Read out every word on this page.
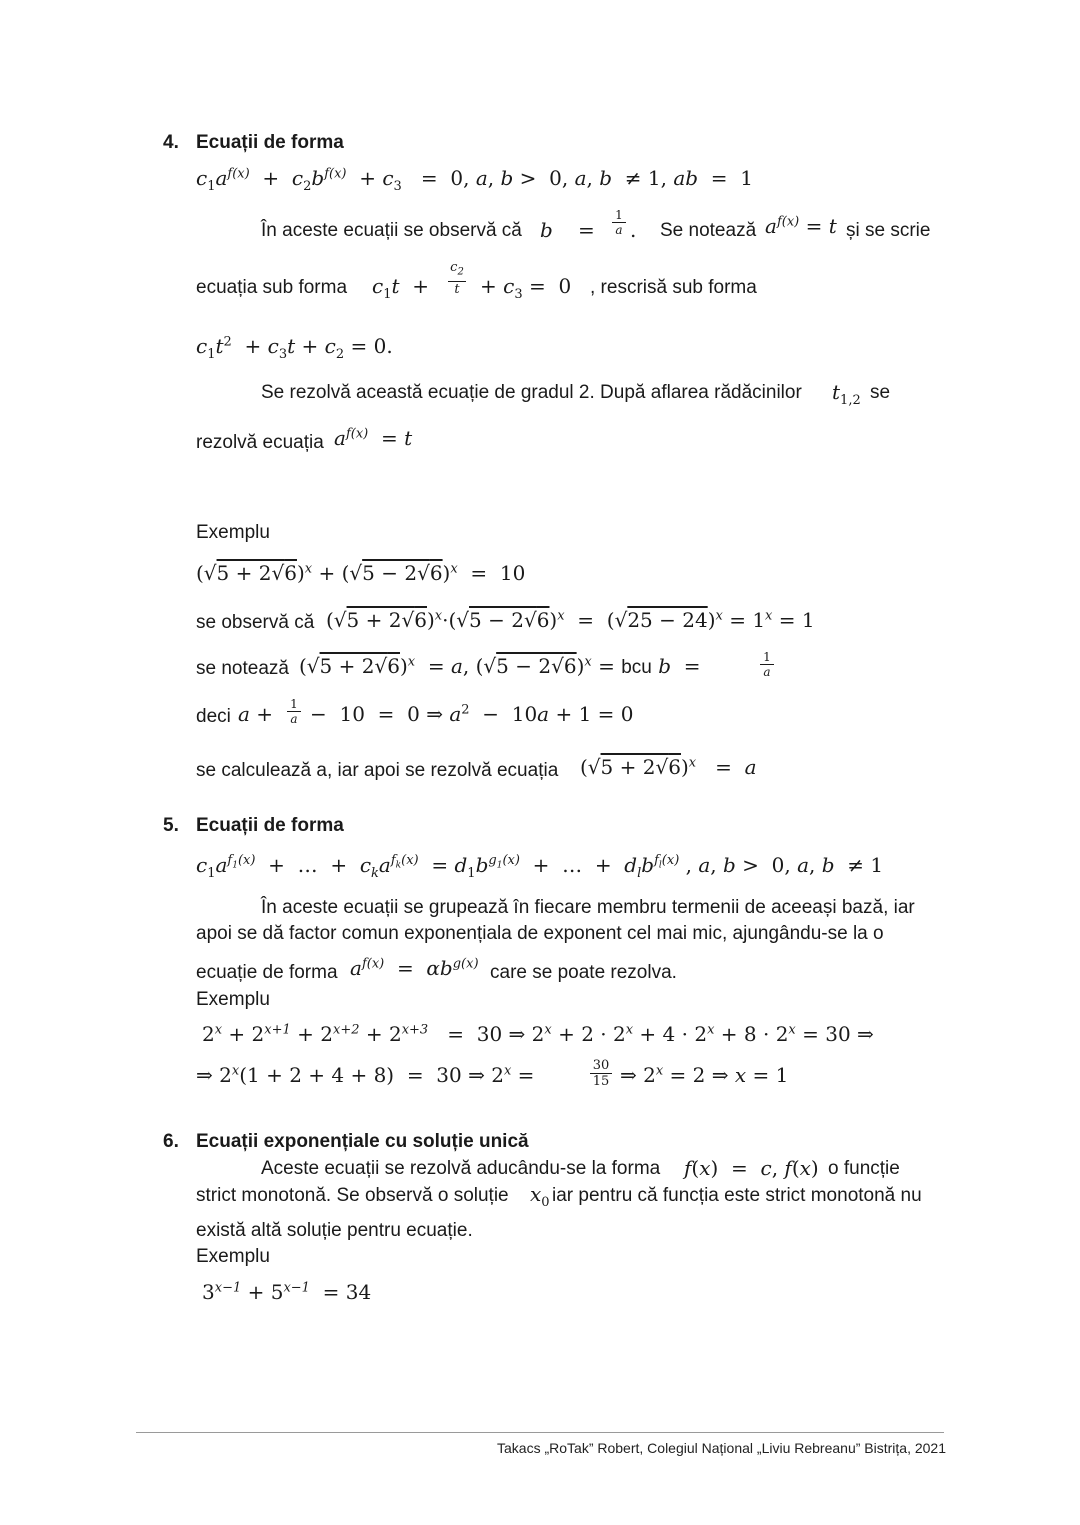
4. Ecuații de forma
$c_1a^{f(x)} + c_2b^{f(x)} + c_3 = 0$, a, b >  0, a, b  ≠ 1, ab  =  1
În aceste ecuații se observă că b =
1
a . Se notează $a^{f(x)} = t$ și se scrie
ecuația sub forma $c_1t$  +
$c_2$
t	+ $c_3 = 0$ , rescrisă sub forma
$c_1t^2 + c_3t + c_2 = 0$.
Se rezolvă această ecuație de gradul 2. După aflarea rădăcinilor $t_{1,2}$ se
rezolvă ecuația $a^{f(x)} = t$
Exemplu
$(√5 + 2√6)^x + (√5 - 2√6)^x = 10$
se observă că $(√5 + 2√6)^x\cdot(√5 - 2√6)^x = (√25 - 24)^x = 1^x = 1$
se notează $(√5 + 2√6)^x = a$, $(√5 - 2√6)^x$ = bcu b  =	1
a
deci a + 1
a −  10  =  0 ⇒ $a^2 - 10a + 1 = 0$
se calculează a, iar apoi se rezolvă ecuația $(√5 + 2√6)^x = a$
5. Ecuații de forma
$c_1a^{f_1(x)}$  +  …  +  $c_ka^{f_k(x)} = d_1b^{g_1(x)}$  +  …  +  $d_lb^{f_l(x)}$ , a, b >  0, a, b  ≠ 1
În aceste ecuații se grupează în fiecare membru termenii de aceeași bază, iar
apoi se dă factor comun exponențiala de exponent cel mai mic, ajungându-se la o
ecuație de forma $a^{f(x)} = \alpha b^{g(x)}$ care se poate rezolva.
Exemplu
$2^x + 2^{x+1} + 2^{x+2} + 2^{x+3} = 30$ ⇒ $2^x + 2 \cdot 2^x + 4 \cdot 2^x + 8 \cdot 2^x = 30$ ⇒
⇒ $2^x(1 + 2 + 4 + 8) = 30$ ⇒ $2^x$ =	30
15 ⇒ $2^x = 2$ ⇒ x = 1
6. Ecuații exponențiale cu soluție unică
Aceste ecuații se rezolvă aducându-se la forma f(x)  =  c, f(x) o funcție
strict monotonă. Se observă o soluție $x_0$ iar pentru că funcția este strict monotonă nu
există altă soluție pentru ecuație.
Exemplu
$3^{x-1} + 5^{x-1} = 34$
Takacs „RoTak” Robert, Colegiul Național „Liviu Rebreanu” Bistrița, 2021
